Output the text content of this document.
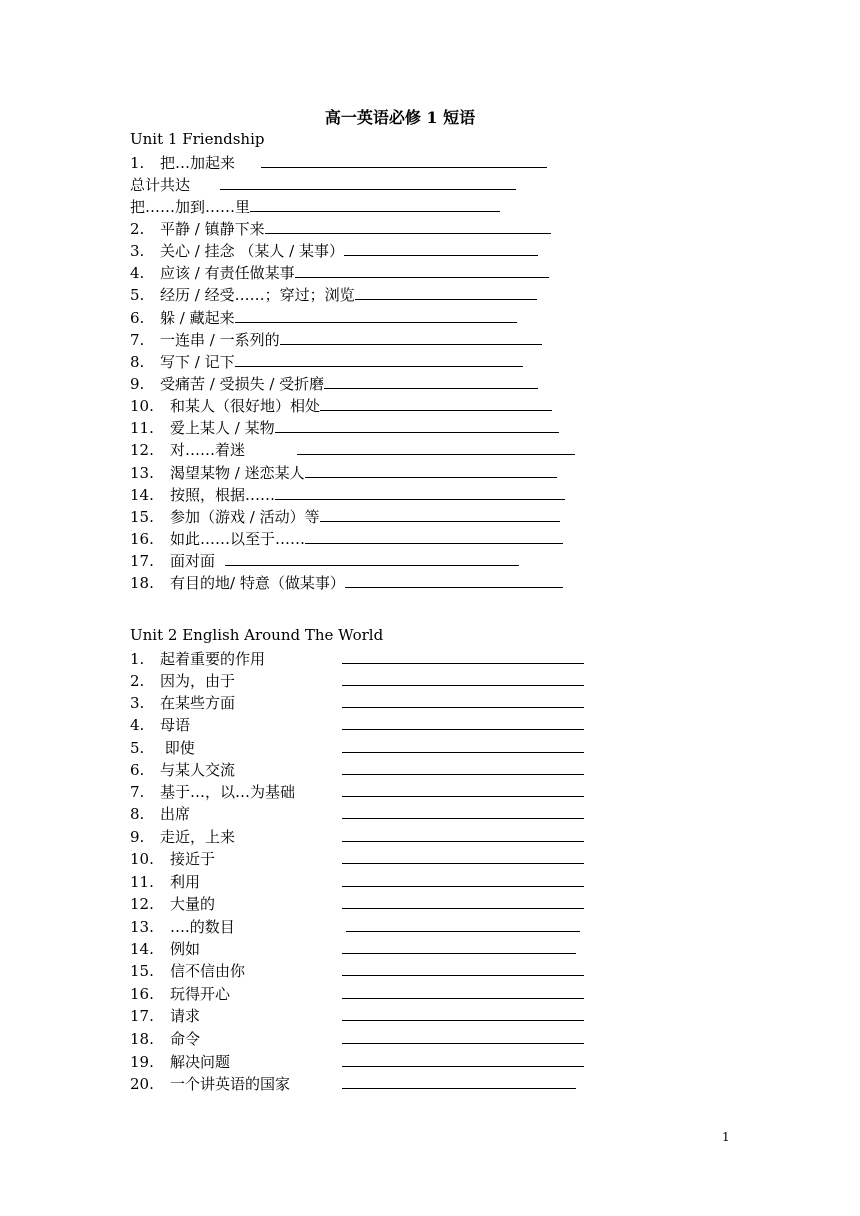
高一英语必修 1 短语
Unit 1 Friendship
1. 把…加起来
总计共达
把……加到……里
2. 平静 / 镇静下来
3. 关心 / 挂念 （某人 / 某事）
4. 应该 / 有责任做某事
5. 经历 / 经受……；穿过；浏览
6. 躲 / 藏起来
7. 一连串 / 一系列的
8. 写下 / 记下
9. 受痛苦 / 受损失 / 受折磨
10. 和某人（很好地）相处
11. 爱上某人 / 某物
12. 对……着迷
13. 渴望某物 / 迷恋某人
14. 按照，根据……
15. 参加（游戏 / 活动）等
16. 如此……以至于……
17. 面对面
18. 有目的地/ 特意（做某事）
Unit 2 English Around The World
1. 起着重要的作用
2. 因为，由于
3. 在某些方面
4. 母语
5. 即使
6. 与某人交流
7. 基于…，以…为基础
8. 出席
9. 走近，上来
10. 接近于
11. 利用
12. 大量的
13. ….的数目
14. 例如
15. 信不信由你
16. 玩得开心
17. 请求
18. 命令
19. 解决问题
20. 一个讲英语的国家
1
